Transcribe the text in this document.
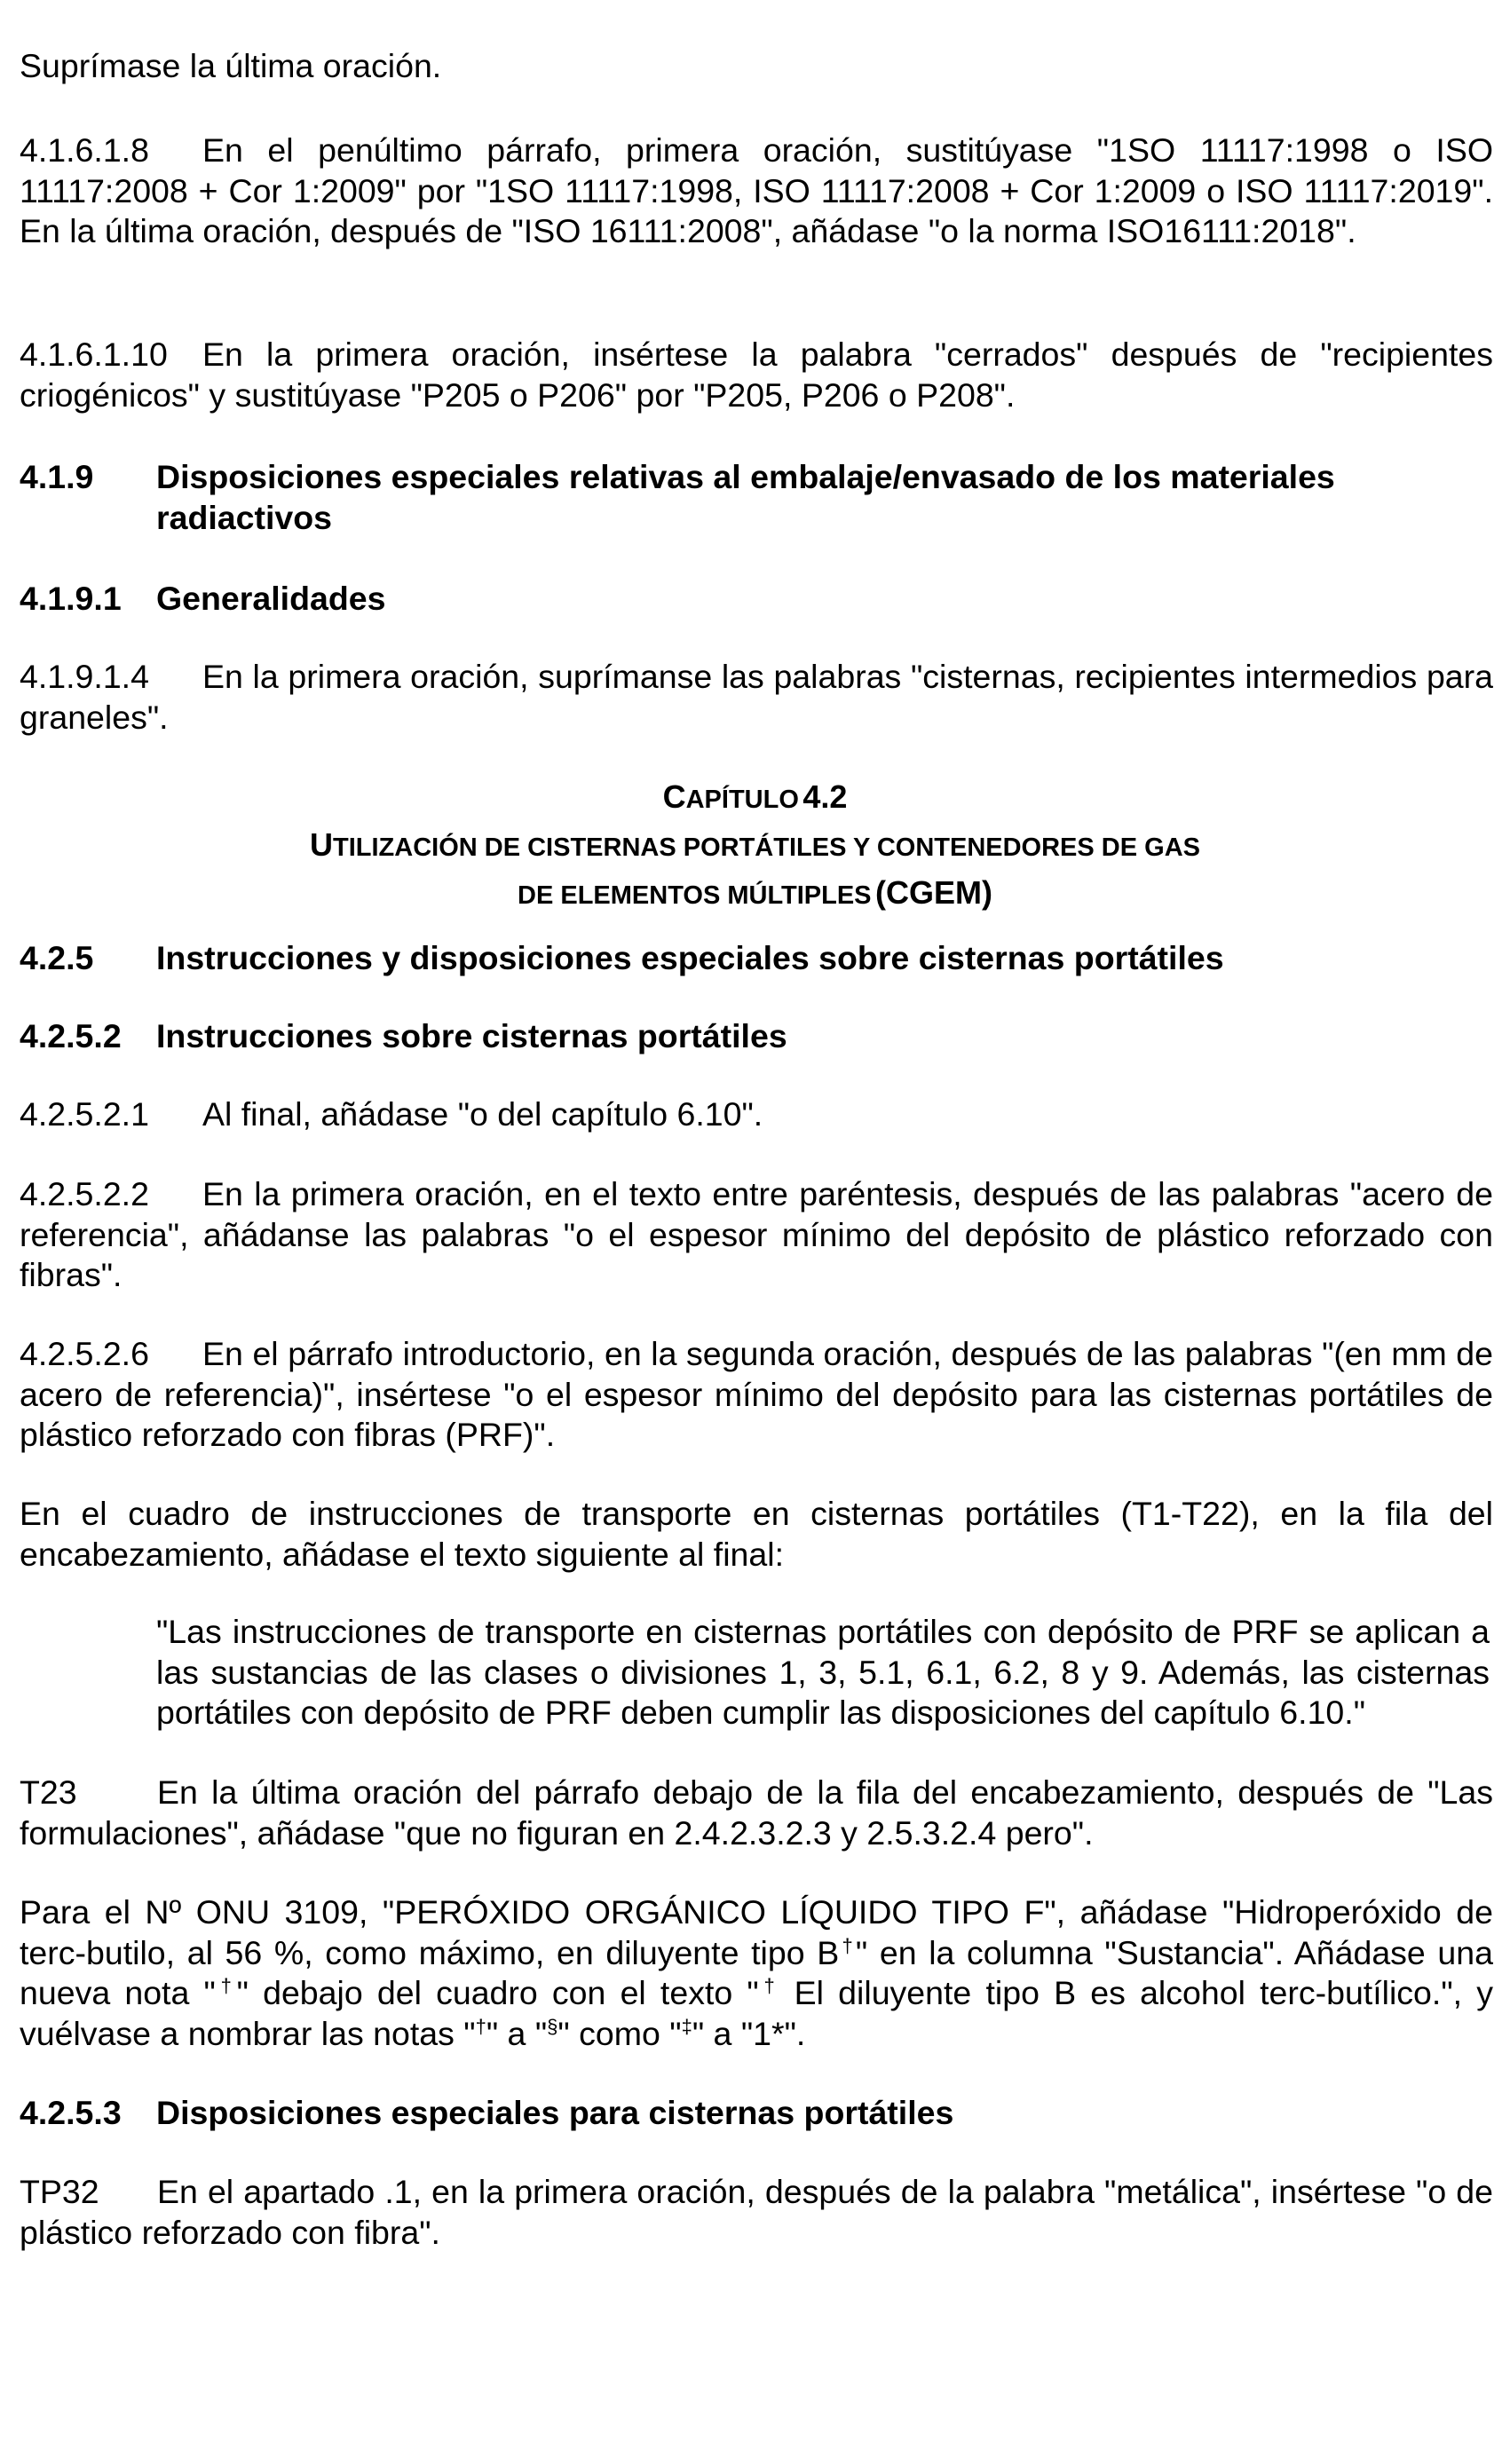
Suprímase la última oración.
4.1.6.1.8 En el penúltimo párrafo, primera oración, sustitúyase "1SO 11117:1998 o ISO 11117:2008 + Cor 1:2009" por "1SO 11117:1998, ISO 11117:2008 + Cor 1:2009 o ISO 11117:2019". En la última oración, después de "ISO 16111:2008", añádase "o la norma ISO16111:2018".
4.1.6.1.10 En la primera oración, insértese la palabra "cerrados" después de "recipientes criogénicos" y sustitúyase "P205 o P206" por "P205, P206 o P208".
4.1.9 Disposiciones especiales relativas al embalaje/envasado de los materiales radiactivos
4.1.9.1 Generalidades
4.1.9.1.4 En la primera oración, suprímanse las palabras "cisternas, recipientes intermedios para graneles".
CAPÍTULO 4.2
UTILIZACIÓN DE CISTERNAS PORTÁTILES Y CONTENEDORES DE GAS
DE ELEMENTOS MÚLTIPLES (CGEM)
4.2.5 Instrucciones y disposiciones especiales sobre cisternas portátiles
4.2.5.2 Instrucciones sobre cisternas portátiles
4.2.5.2.1 Al final, añádase "o del capítulo 6.10".
4.2.5.2.2 En la primera oración, en el texto entre paréntesis, después de las palabras "acero de referencia", añádanse las palabras "o el espesor mínimo del depósito de plástico reforzado con fibras".
4.2.5.2.6 En el párrafo introductorio, en la segunda oración, después de las palabras "(en mm de acero de referencia)", insértese "o el espesor mínimo del depósito para las cisternas portátiles de plástico reforzado con fibras (PRF)".
En el cuadro de instrucciones de transporte en cisternas portátiles (T1-T22), en la fila del encabezamiento, añádase el texto siguiente al final:
"Las instrucciones de transporte en cisternas portátiles con depósito de PRF se aplican a las sustancias de las clases o divisiones 1, 3, 5.1, 6.1, 6.2, 8 y 9. Además, las cisternas portátiles con depósito de PRF deben cumplir las disposiciones del capítulo 6.10."
T23 En la última oración del párrafo debajo de la fila del encabezamiento, después de "Las formulaciones", añádase "que no figuran en 2.4.2.3.2.3 y 2.5.3.2.4 pero".
Para el Nº ONU 3109, "PERÓXIDO ORGÁNICO LÍQUIDO TIPO F", añádase "Hidroperóxido de terc-butilo, al 56 %, como máximo, en diluyente tipo B†" en la columna "Sustancia". Añádase una nueva nota "†" debajo del cuadro con el texto "† El diluyente tipo B es alcohol terc-butílico.", y vuélvase a nombrar las notas "†" a "§" como "‡" a "1*".
4.2.5.3 Disposiciones especiales para cisternas portátiles
TP32 En el apartado .1, en la primera oración, después de la palabra "metálica", insértese "o de plástico reforzado con fibra".
